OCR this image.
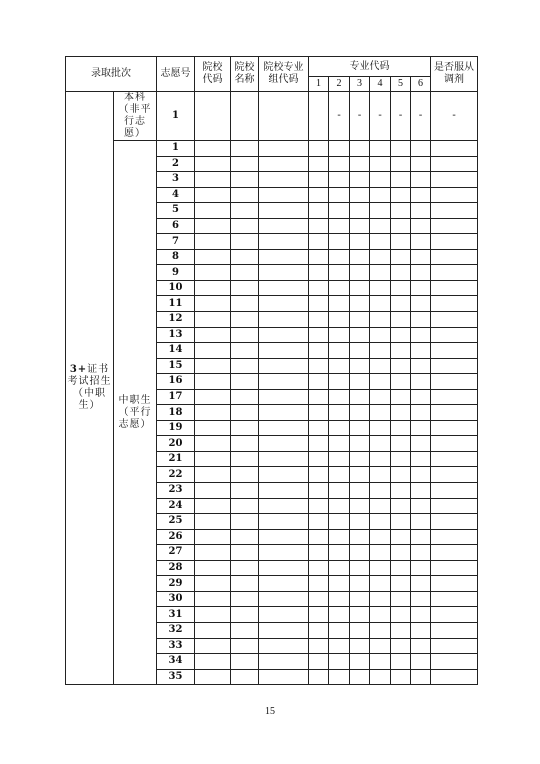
录取批次		志愿号	院校代码	院校名称	院校专业组代码	专业代码						是否服从调剂
						1	2	3	4	5	6	
3+证书考试招生（中职生）	本科（非平行志愿）	1					-	-	-	-	-	-
	中职生（平行志愿）	1										
		2										
		3										
		4										
		5										
		6										
		7										
		8										
		9										
		10										
		11										
		12										
		13										
		14										
		15										
		16										
		17										
		18										
		19										
		20										
		21										
		22										
		23										
		24										
		25										
		26										
		27										
		28										
		29										
		30										
		31										
		32										
		33										
		34										
		35										
15
